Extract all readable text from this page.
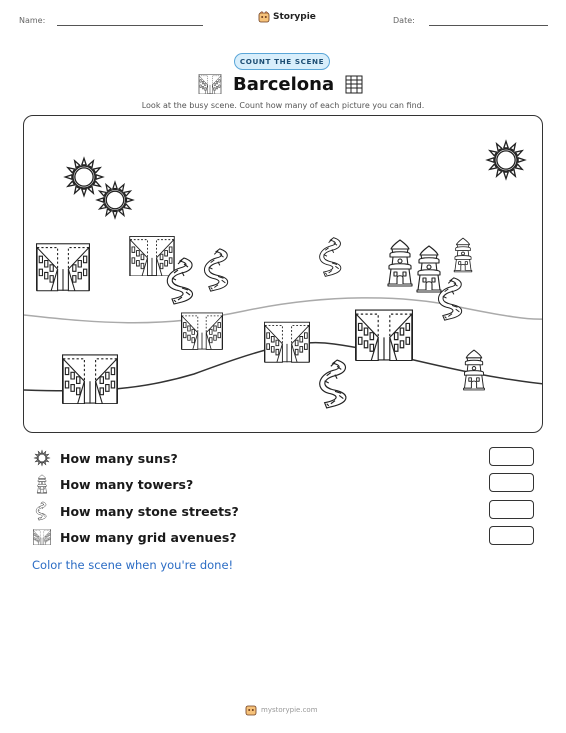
Name:	Storypie	Date:
COUNT THE SCENE
Barcelona
Look at the busy scene. Count how many of each picture you can find.
How many suns?
How many towers?
How many stone streets?
How many grid avenues?
Color the scene when you're done!
mystorypie.com
